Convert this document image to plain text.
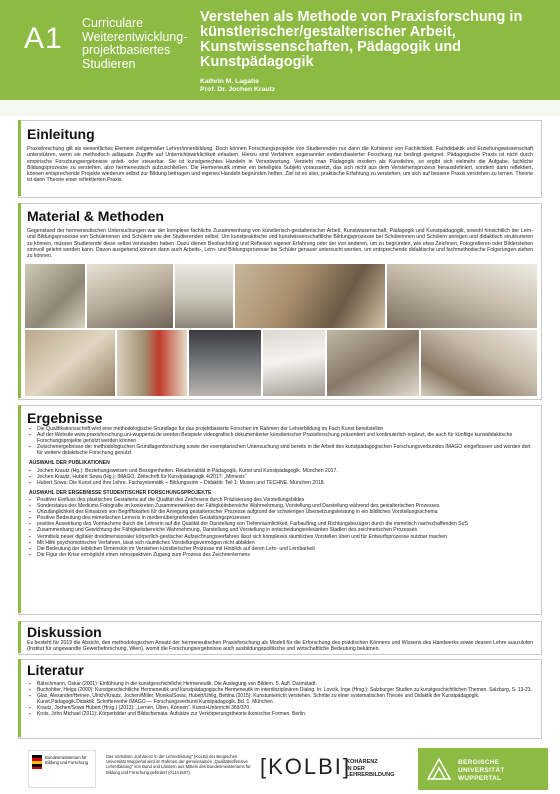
A1 Curriculare Weiterentwicklung- projektbasiertes Studieren
Verstehen als Methode von Praxisforschung in künstlerischer/gestalterischer Arbeit, Kunstwissenschaften, Pädagogik und Kunstpädagogik
Kathrin M. Lagatie
Prof. Dr. Jochen Krautz
Einleitung
Praxisforschung gilt als wesentliches Element zeitgemäßer Lehrer/innenbildung. Doch können Forschungsprojekte von Studierenden nur dann die Kohärenz von Fachlichkeit, Fachdidaktik und Erziehungswissenschaft unterstützen, wenn sie methodisch adäquate Zugriffe auf Unterrichtswirklichkeit erlauben. Hierzu sind Verfahren sogenannter evidenzbasierter Forschung nur bedingt geeignet. Pädagogische Praxis ist nicht durch empirische Forschungsergebnisse anleit- oder steuerbar. Sie ist kunstgerechtes Handeln in Verantwortung. Versteht man Pädagogik insofern als Kunstlehre, so ergibt sich vielmehr die Aufgabe, fachliche Bildungsprozesse zu verstehen, also hermeneutisch aufzuschließen. Die Hermeneutik immer ein beteiligtes Subjekt voraussetzt, das sich nicht aus dem Verstehensprozess herausdefiniert, sondern darin reflektiert, können entsprechende Projekte wiederum selbst zur Bildung beitragen und eigenes Handeln begründen helfen. Ziel ist es also, praktische Erfahrung zu verstehen, um sich auf bessere Praxis verstehen zu lernen. Theorie ist dann Theorie einer reflektierten Praxis.
Material & Methoden
Gegenstand der hermeneutischen Untersuchungen war der komplexe fachliche Zusammenhang von künstlerisch-gestalterischer Arbeit, Kunstwissenschaft, Pädagogik und Kunstpädagogik, sowohl hinsichtlich der Lern- und Bildungsprozesse von Schülerinnen und Schülern wie der Studierenden selbst. Um kunstpraktische und kunstwissenschaftliche Bildungsprozesse bei Schülerinnen und Schülern anregen und didaktisch strukturieren zu können, müssen Studierende diese selbst verstanden haben. Dazu dienen Beobachtung und Reflexion eigener Erfahrung oder der von anderen, um zu begründen, wie etwa Zeichnen, Fotografieren oder Bilderstehen sinnvoll gelehrt werden kann. Davon ausgehend können dann auch Arbeits-, Lern- und Bildungsprozesse bei Schüler genauer untersucht werden, um entsprechende didaktische und fachmethodische Folgerungen ziehen zu können.
Ergebnisse
▪ Die Qualifikationsschrift wird eine methodologische Grundlage für das projektbasierte Forschen im Rahmen der Lehrerbildung im Fach Kunst bereitstellen
▪ Auf der Website www.praxisforschung.uni-wuppertal.de werden Beispiele videografisch dokumentierter künstlerischer Praxisforschung präsentiert und kontinuierlich ergänzt, die auch für künftige kunstdidaktische Forschungsprojekte genutzt werden können
▪ Zwischenergebnisse der methodologischen Grundlagenforschung sowie der exemplarischen Untersuchung sind bereits in die Arbeit des kunstpädagogischen Forschungsverbundes IMAGO eingeflossen und werden dort für weitere didaktische Forschung genutzt
AUSWAHL DER PUBLIKATIONEN
▪ Jochen Krautz (Hg.): Beziehungsweisen und Bezogenheiten. Relationalität in Pädagogik, Kunst und Kunstpädagogik. München 2017.
▪ Jochen Krautz, Hubert Sowa (Hg.): IMAGO. Zeitschrift für Kunstpädagogik 4/2017: „Mimesis“
▪ Hubert Sowa: Die Kunst und ihre Lehre. Fachsystematik – Bildungssinn – Didaktik: Teil 1: Musen und TECHNE. München 2018.
AUSWAHL DER ERGEBNISSE STUDENTISCHER FORSCHUNGSPROJEKTE
▪ Positiver Einfluss des plastischen Gestaltens auf die Qualität des Zeichnens durch Präzisierung des Vorstellungsbildes
▪ Sonderstatus des Mediums Fotografie im konkreten Zusammenwirken der Fähigkeitsbereiche Wahrnehmung, Vorstellung und Darstellung während des gestalterischen Prozesses
▪ Unzulänglichkeit des Einsatzes von Begriffskarten für die Anregung gestalterischer Prozesse aufgrund der schwierigen Übersetzungsleistung in ein bildliches Vorstellungsschema
▪ Positive Bedeutung des mimetischen Lernens in medienübergreifenden Gestaltungsprozessen
▪ positive Auswirkung des Vormachens durch die Lehrerin auf die Qualität der Darstellung von Tiefenräumlichkeit, Farbauftrag und Richtungsbezügen durch die mimetisch nachschaffenden SuS
▪ Zusammenhang und Gewichtung der Fähigkeitsbereiche Wahrnehmung, Darstellung und Vorstellung in entscheidungsrelevanten Stadien des zeichnerischen Prozesses
▪ Vermittels neuer digitaler dreidimensionaler körperlich-gestischer Aufzeichnungsverfahren lässt sich komplexes räumliches Vorstellen üben und für Entwurfsprozesse nutzbar machen
▪ Mit Hilfe psychomotrischer Verfahren, lässt sich räumliches Vorstellungsvermögen nicht abbilden
▪ Die Bedeutung der leiblichen Dimension im Verstehen künstlerischer Prozesse mit Hinblick auf deren Lehr- und Lernbarkeit
▪ Die Figur der Krise ermöglicht einen retrospektiven Zugang zum Prozess des Zeichnenlernens
Diskussion
Es besteht für 2019 die Absicht, den methodologischen Ansatz der hermeneutischen Praxisforschung als Modell für die Erforschung des praktischen Könnens und Wissens des Handwerks sowie dessen Lehre auszuloten (Institut für angewandte Gewerbeforschung, Wien), womit die Forschungsergebnisse auch ausbildungspolitische und wirtschaftliche Bedeutung bekämen.
Literatur
▪ Bätschmann, Oskar (2001): Einführung in die kunstgeschichtliche Hermeneutik. Die Auslegung von Bildern. 5. Aufl. Darmstadt.
▪ Buchohlter, Helga (2000): Kunstgeschichtliche Hermeneutik und kunstpädagogische Hermeneutik im interdisziplinären Dialog. In: Lovcik, Inge (Hrsg.): Salzburger Studien zu kunstgeschichtlichen Themen. Salzburg, S. 13-23.
▪ Glas, Alexander/Heinen, Ulrich/Krautz, Jochen/Miller, Monika/Sowa, Hubert/Uhlig, Bettina (2015): Kunstunterricht verstehen. Schritte zu einer systematischen Theorie und Didaktik der Kunstpädagogik. Kunst.Pädagogik.Didaktik. Schriftenreihe IMAGO — Forschungsverbund Kunstpädagogik. Bd. 1. München.
▪ Krautz, Jochen/Sowa Hubert (Hrsg.) (2013): „Lernen, Üben, Können“. Kunst+Unterricht 369/370.
▪ Krois, John Michael (2011): Körperbilder und Bildschemata: Aufsätze zur Verkörperungstheorie ikonischer Formen. Berlin.
Bundesministerium für Bildung und Forschung
Das Vorhaben „Kohärenz in der Lehrerbildung“ (KoLBi) der Bergischen Universität Wuppertal wird im Rahmen der gemeinsamen „Qualitätsoffensive Lehrerbildung“ von Bund und Ländern aus Mitteln des Bundesministeriums für Bildung und Forschung gefördert (01JA1507).	[KOLBI]
KOHÄRENZ
IN DER
LEHRERBILDUNG
BERGISCHE
UNIVERSITÄT
WUPPERTAL
